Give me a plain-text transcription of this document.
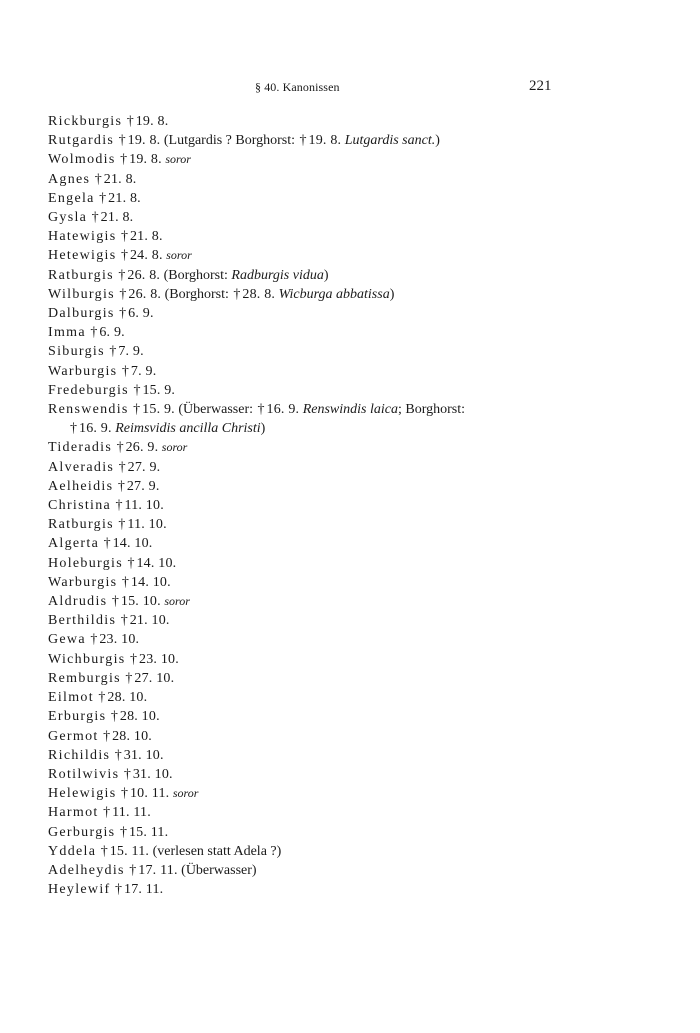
§ 40. Kanonissen	221
Rickburgis † 19. 8.
Rutgardis † 19. 8. (Lutgardis ? Borghorst: † 19. 8. Lutgardis sanct.)
Wolmodis † 19. 8. soror
Agnes † 21. 8.
Engela † 21. 8.
Gysla † 21. 8.
Hatewigis † 21. 8.
Hetewigis † 24. 8. soror
Ratburgis † 26. 8. (Borghorst: Radburgis vidua)
Wilburgis † 26. 8. (Borghorst: † 28. 8. Wicburga abbatissa)
Dalburgis † 6. 9.
Imma † 6. 9.
Siburgis † 7. 9.
Warburgis † 7. 9.
Fredeburgis † 15. 9.
Renswendis † 15. 9. (Überwasser: † 16. 9. Renswindis laica; Borghorst:
† 16. 9. Reimsvidis ancilla Christi)
Tideradis † 26. 9. soror
Alveradis † 27. 9.
Aelheidis † 27. 9.
Christina † 11. 10.
Ratburgis † 11. 10.
Algerta † 14. 10.
Holeburgis † 14. 10.
Warburgis † 14. 10.
Aldrudis † 15. 10. soror
Berthildis † 21. 10.
Gewa † 23. 10.
Wichburgis † 23. 10.
Remburgis † 27. 10.
Eilmot † 28. 10.
Erburgis † 28. 10.
Germot † 28. 10.
Richildis † 31. 10.
Rotilwivis † 31. 10.
Helewigis † 10. 11. soror
Harmot † 11. 11.
Gerburgis † 15. 11.
Yddela † 15. 11. (verlesen statt Adela ?)
Adelheydis † 17. 11. (Überwasser)
Heylewif † 17. 11.
